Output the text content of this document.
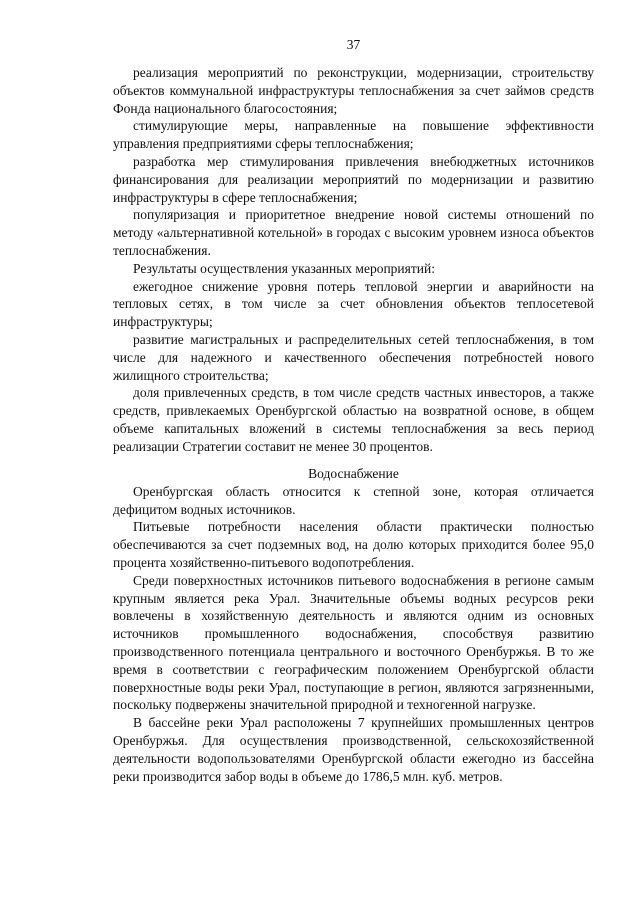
37

реализация мероприятий по реконструкции, модернизации, строительству объектов коммунальной инфраструктуры теплоснабжения за счет займов средств Фонда национального благосостояния;

стимулирующие меры, направленные на повышение эффективности управления предприятиями сферы теплоснабжения;

разработка мер стимулирования привлечения внебюджетных источников финансирования для реализации мероприятий по модернизации и развитию инфраструктуры в сфере теплоснабжения;

популяризация и приоритетное внедрение новой системы отношений по методу «альтернативной котельной» в городах с высоким уровнем износа объектов теплоснабжения.

Результаты осуществления указанных мероприятий:

ежегодное снижение уровня потерь тепловой энергии и аварийности на тепловых сетях, в том числе за счет обновления объектов теплосетевой инфраструктуры;

развитие магистральных и распределительных сетей теплоснабжения, в том числе для надежного и качественного обеспечения потребностей нового жилищного строительства;

доля привлеченных средств, в том числе средств частных инвесторов, а также средств, привлекаемых Оренбургской областью на возвратной основе, в общем объеме капитальных вложений в системы теплоснабжения за весь период реализации Стратегии составит не менее 30 процентов.

Водоснабжение

Оренбургская область относится к степной зоне, которая отличается дефицитом водных источников.

Питьевые потребности населения области практически полностью обеспечиваются за счет подземных вод, на долю которых приходится более 95,0 процента хозяйственно-питьевого водопотребления.

Среди поверхностных источников питьевого водоснабжения в регионе самым крупным является река Урал. Значительные объемы водных ресурсов реки вовлечены в хозяйственную деятельность и являются одним из основных источников промышленного водоснабжения, способствуя развитию производственного потенциала центрального и восточного Оренбуржья. В то же время в соответствии с географическим положением Оренбургской области поверхностные воды реки Урал, поступающие в регион, являются загрязненными, поскольку подвержены значительной природной и техногенной нагрузке.

В бассейне реки Урал расположены 7 крупнейших промышленных центров Оренбуржья. Для осуществления производственной, сельскохозяйственной деятельности водопользователями Оренбургской области ежегодно из бассейна реки производится забор воды в объеме до 1786,5 млн. куб. метров.
